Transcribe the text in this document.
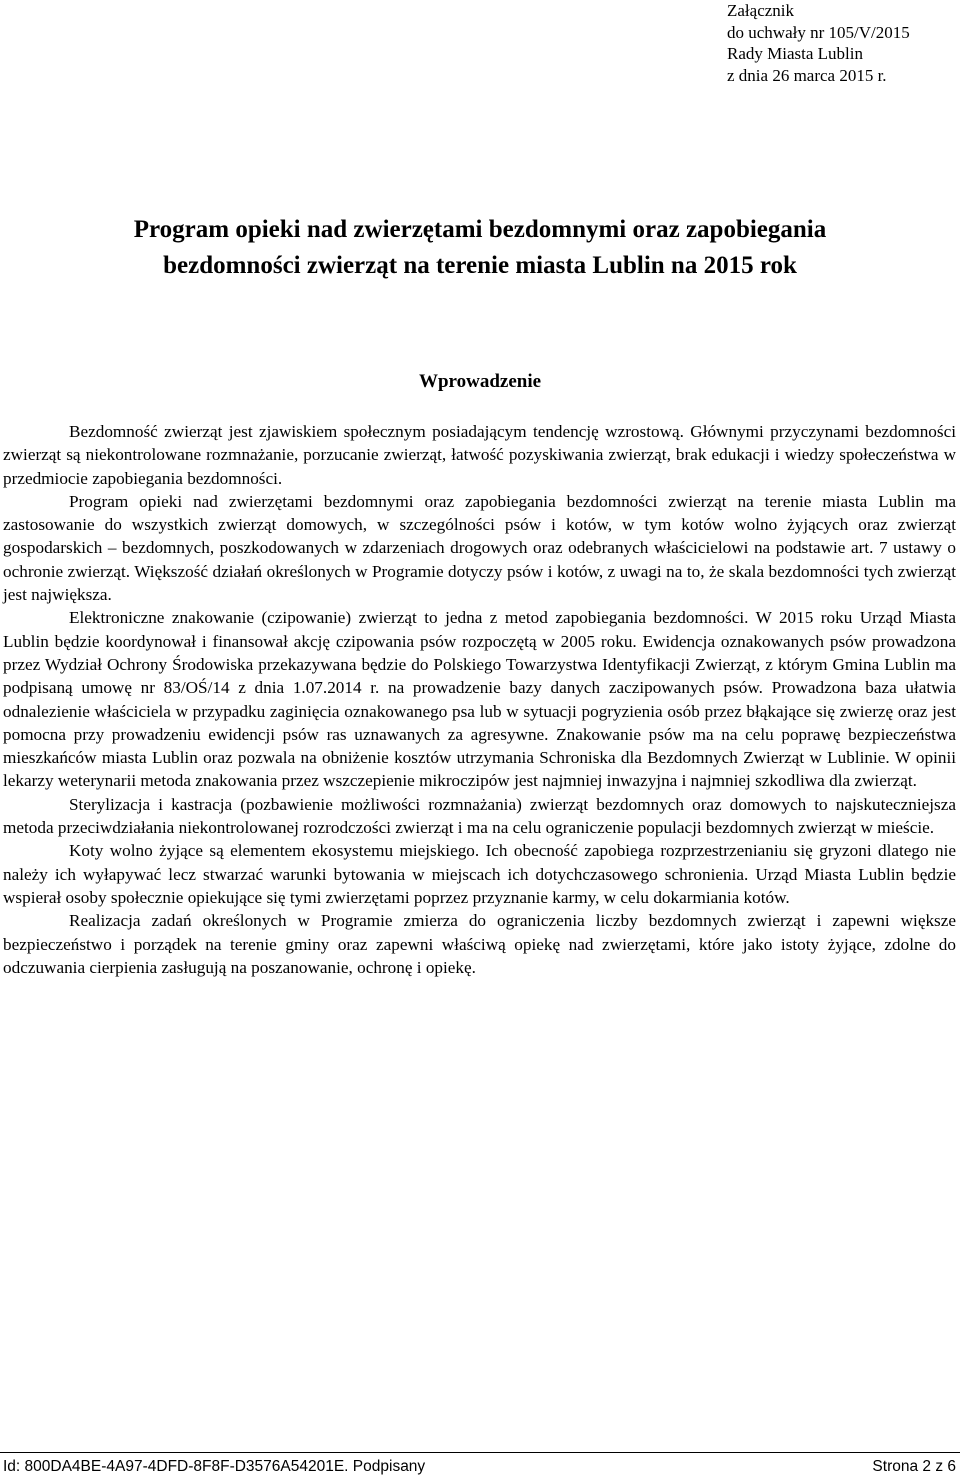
Załącznik
do uchwały nr 105/V/2015
Rady Miasta Lublin
z dnia 26 marca 2015 r.
Program opieki nad zwierzętami bezdomnymi oraz zapobiegania
bezdomności zwierząt na terenie miasta Lublin na 2015 rok
Wprowadzenie

Bezdomność zwierząt jest zjawiskiem społecznym posiadającym tendencję wzrostową. Głównymi przyczynami bezdomności zwierząt są niekontrolowane rozmnażanie, porzucanie zwierząt, łatwość pozyskiwania zwierząt, brak edukacji i wiedzy społeczeństwa w przedmiocie zapobiegania bezdomności.

Program opieki nad zwierzętami bezdomnymi oraz zapobiegania bezdomności zwierząt na terenie miasta Lublin ma zastosowanie do wszystkich zwierząt domowych, w szczególności psów i kotów, w tym kotów wolno żyjących oraz zwierząt gospodarskich – bezdomnych, poszkodowanych w zdarzeniach drogowych oraz odebranych właścicielowi na podstawie art. 7 ustawy o ochronie zwierząt. Większość działań określonych w Programie dotyczy psów i kotów, z uwagi na to, że skala bezdomności tych zwierząt jest największa.

Elektroniczne znakowanie (czipowanie) zwierząt to jedna z metod zapobiegania bezdomności. W 2015 roku Urząd Miasta Lublin będzie koordynował i finansował akcję czipowania psów rozpoczętą w 2005 roku. Ewidencja oznakowanych psów prowadzona przez Wydział Ochrony Środowiska przekazywana będzie do Polskiego Towarzystwa Identyfikacji Zwierząt, z którym Gmina Lublin ma podpisaną umowę nr 83/OŚ/14 z dnia 1.07.2014 r. na prowadzenie bazy danych zaczipowanych psów. Prowadzona baza ułatwia odnalezienie właściciela w przypadku zaginięcia oznakowanego psa lub w sytuacji pogryzienia osób przez błąkające się zwierzę oraz jest pomocna przy prowadzeniu ewidencji psów ras uznawanych za agresywne. Znakowanie psów ma na celu poprawę bezpieczeństwa mieszkańców miasta Lublin oraz pozwala na obniżenie kosztów utrzymania Schroniska dla Bezdomnych Zwierząt w Lublinie. W opinii lekarzy weterynarii metoda znakowania przez wszczepienie mikroczipów jest najmniej inwazyjna i najmniej szkodliwa dla zwierząt.

Sterylizacja i kastracja (pozbawienie możliwości rozmnażania) zwierząt bezdomnych oraz domowych to najskuteczniejsza metoda przeciwdziałania niekontrolowanej rozrodczości zwierząt i ma na celu ograniczenie populacji bezdomnych zwierząt w mieście.

Koty wolno żyjące są elementem ekosystemu miejskiego. Ich obecność zapobiega rozprzestrzenianiu się gryzoni dlatego nie należy ich wyłapywać lecz stwarzać warunki bytowania w miejscach ich dotychczasowego schronienia. Urząd Miasta Lublin będzie wspierał osoby społecznie opiekujące się tymi zwierzętami poprzez przyznanie karmy, w celu dokarmiania kotów.

Realizacja zadań określonych w Programie zmierza do ograniczenia liczby bezdomnych zwierząt i zapewni większe bezpieczeństwo i porządek na terenie gminy oraz zapewni właściwą opiekę nad zwierzętami, które jako istoty żyjące, zdolne do odczuwania cierpienia zasługują na poszanowanie, ochronę i opiekę.

Id: 800DA4BE-4A97-4DFD-8F8F-D3576A54201E. Podpisany	Strona 2 z 6
